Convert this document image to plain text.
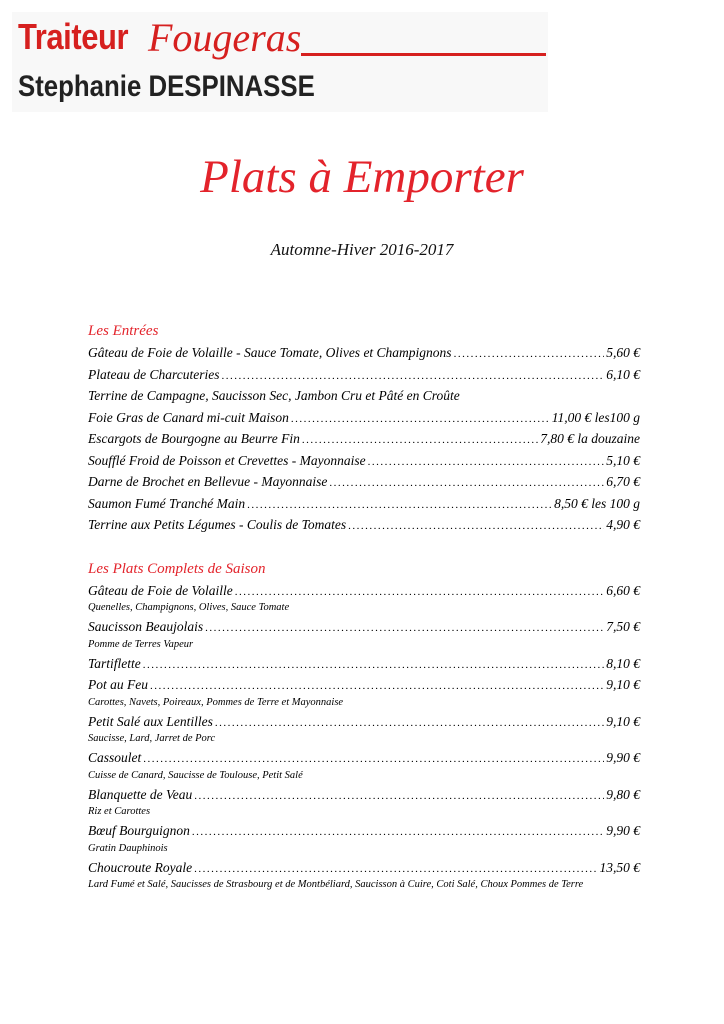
Traiteur Fougeras
Stephanie DESPINASSE
Plats à Emporter
Automne-Hiver 2016-2017
Les Entrées
Gâteau de Foie de Volaille - Sauce Tomate, Olives et Champignons .....	5,60 €
Plateau de Charcuteries .....	6,10 €
Terrine de Campagne, Saucisson Sec, Jambon Cru et Pâté en Croûte
Foie Gras de Canard mi-cuit Maison .....	11,00 € les100 g
Escargots de Bourgogne au Beurre Fin .....	7,80 € la douzaine
Soufflé Froid de Poisson et Crevettes - Mayonnaise .....	5,10 €
Darne de Brochet en Bellevue - Mayonnaise .....	6,70 €
Saumon Fumé Tranché Main .....	8,50 € les 100 g
Terrine aux Petits Légumes - Coulis de Tomates .....	4,90 €
Les Plats Complets de Saison
Gâteau de Foie de Volaille .....	6,60 €
Quenelles, Champignons, Olives, Sauce Tomate
Saucisson Beaujolais .....	7,50 €
Pomme de Terres Vapeur
Tartiflette .....	8,10 €
Pot au Feu .....	9,10 €
Carottes, Navets, Poireaux, Pommes de Terre et Mayonnaise
Petit Salé aux Lentilles .....	9,10 €
Saucisse, Lard, Jarret de Porc
Cassoulet .....	9,90 €
Cuisse de Canard, Saucisse de Toulouse, Petit Salé
Blanquette de Veau .....	9,80 €
Riz et Carottes
Bœuf Bourguignon .....	9,90 €
Gratin Dauphinois
Choucroute Royale .....	13,50 €
Lard Fumé et Salé, Saucisses de Strasbourg et de Montbéliard, Saucisson à Cuire, Coti Salé, Choux Pommes de Terre
